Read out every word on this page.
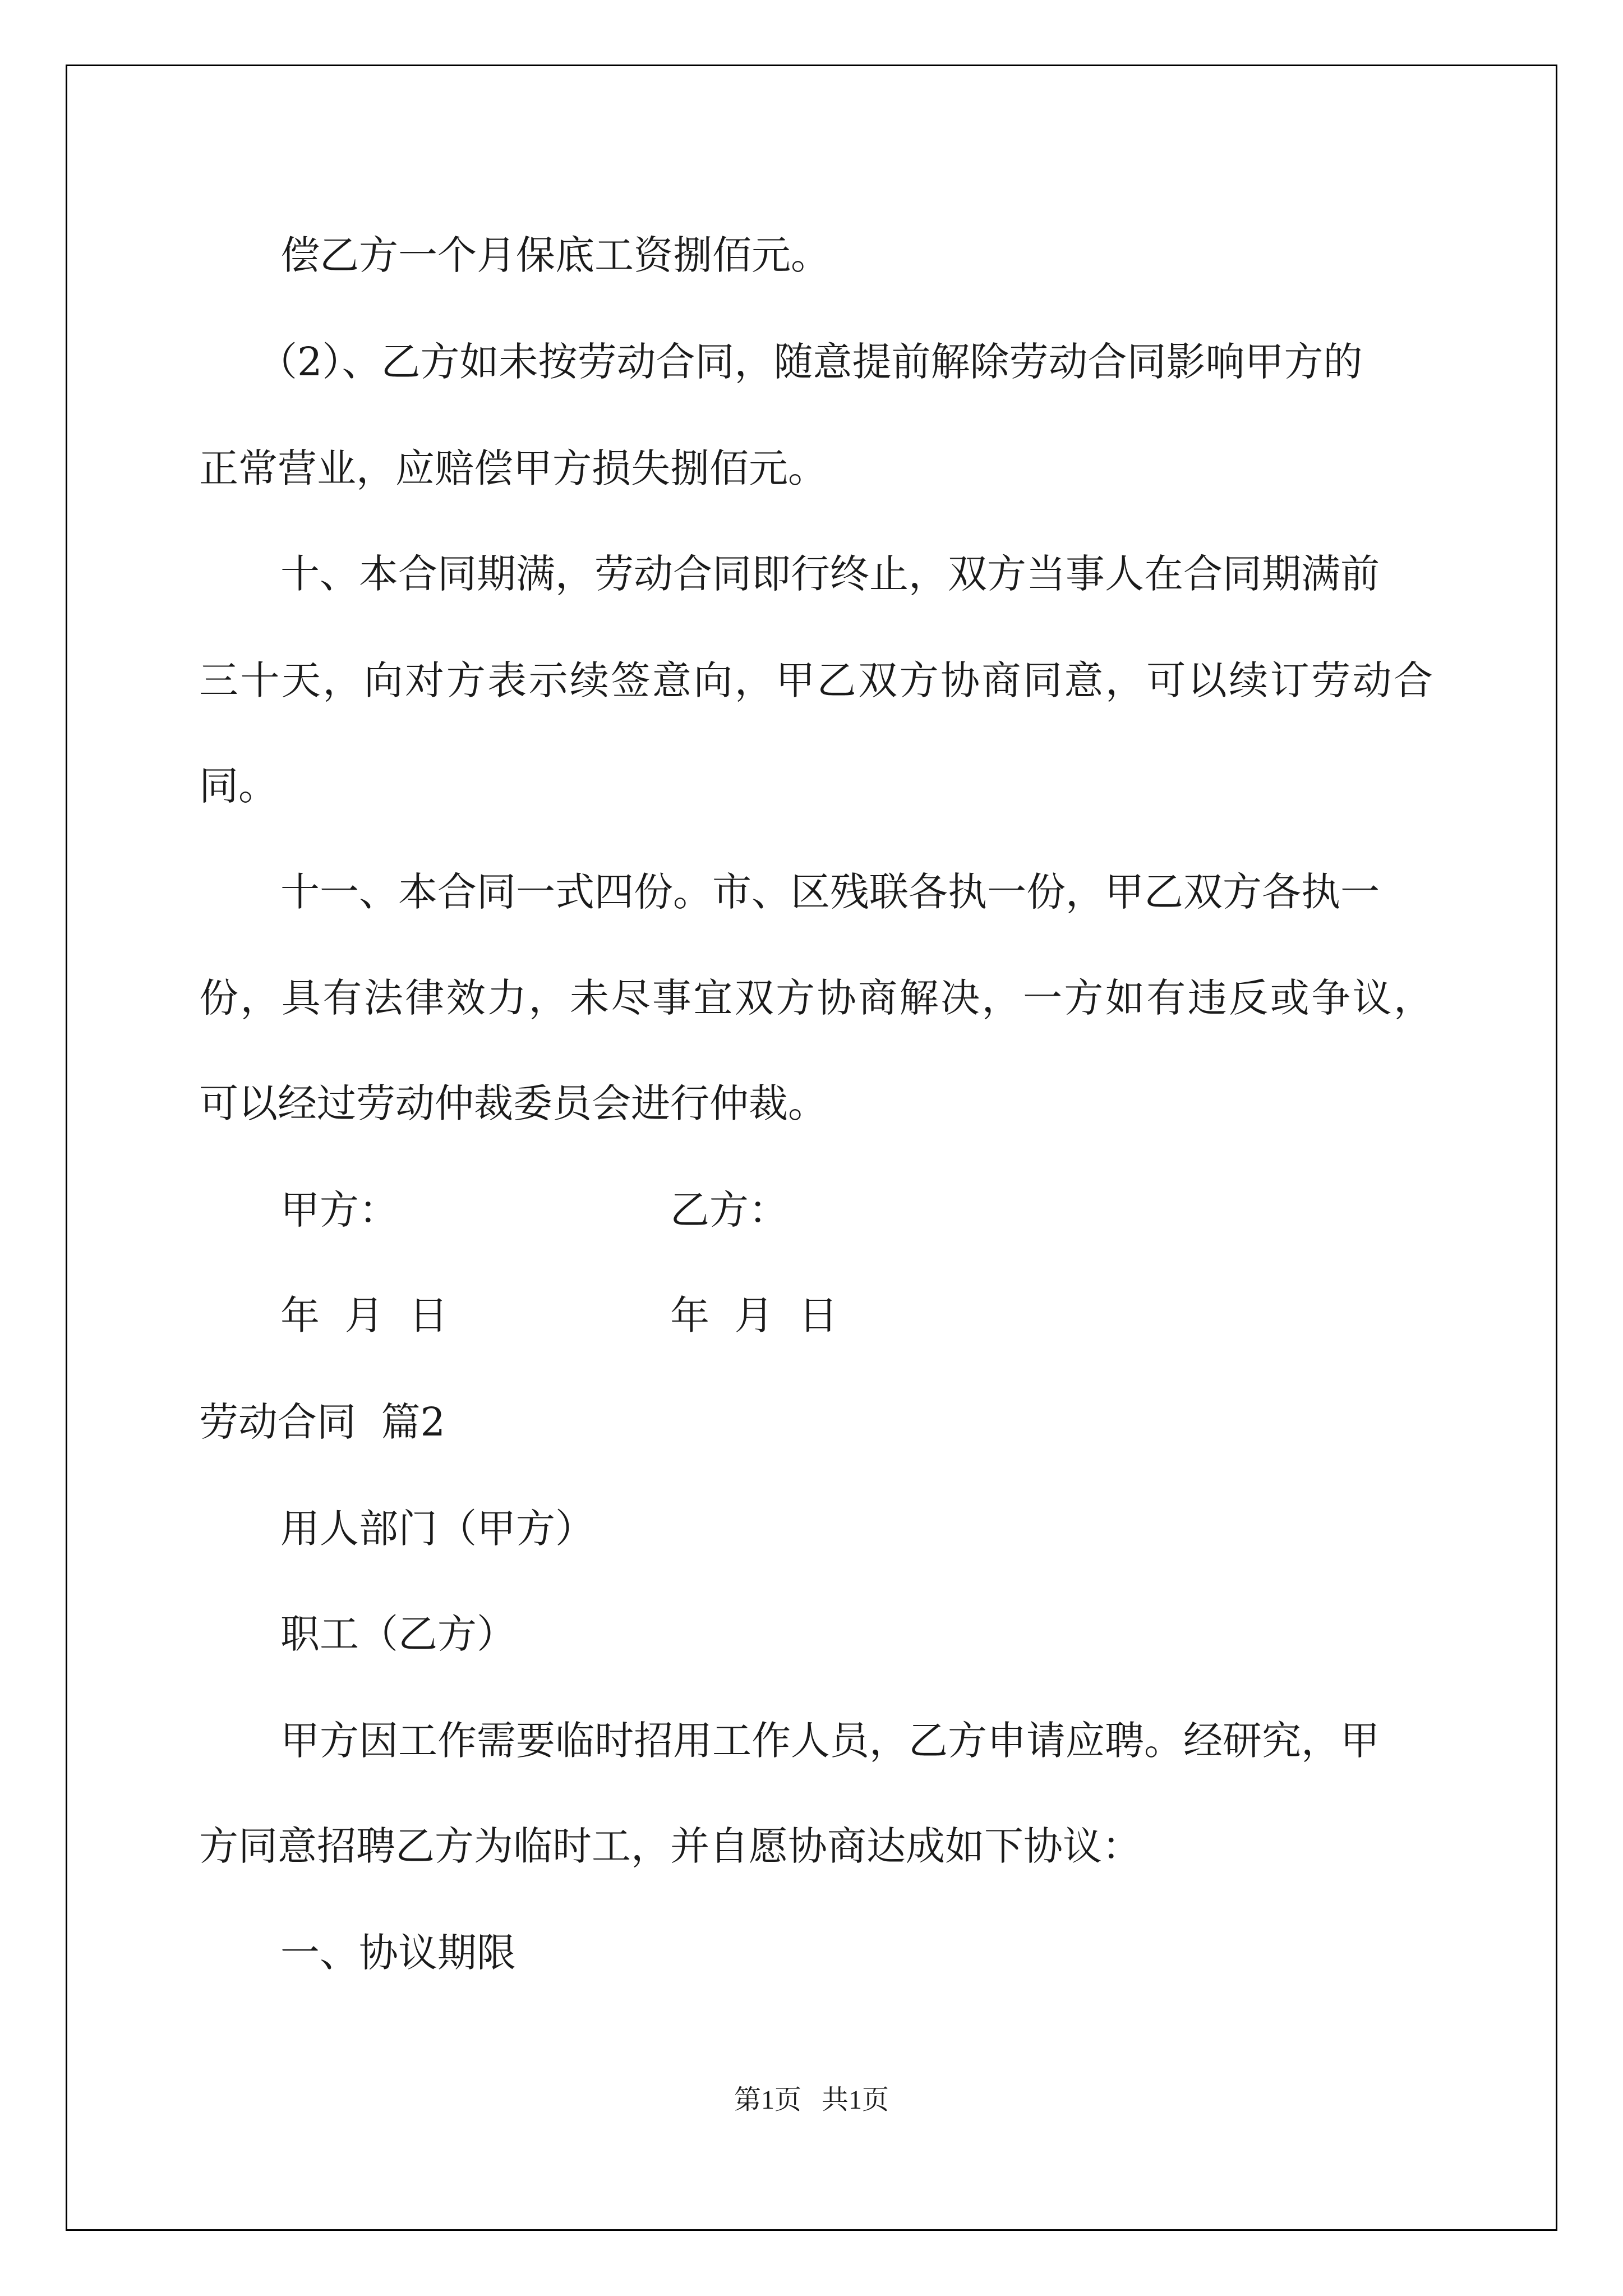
偿乙方一个月保底工资捌佰元。
（2）、乙方如未按劳动合同，随意提前解除劳动合同影响甲方的
正常营业，应赔偿甲方损失捌佰元。
十、本合同期满，劳动合同即行终止，双方当事人在合同期满前
三十天，向对方表示续签意向，甲乙双方协商同意，可以续订劳动合
同。
十一、本合同一式四份。市、区残联各执一份，甲乙双方各执一
份，具有法律效力，未尽事宜双方协商解决，一方如有违反或争议，
可以经过劳动仲裁委员会进行仲裁。
甲方：	乙方：
年  月  日	年  月  日
劳动合同  篇2
用人部门（甲方）
职工（乙方）
甲方因工作需要临时招用工作人员，乙方申请应聘。经研究，甲
方同意招聘乙方为临时工，并自愿协商达成如下协议：
一、协议期限
第1页   共1页
